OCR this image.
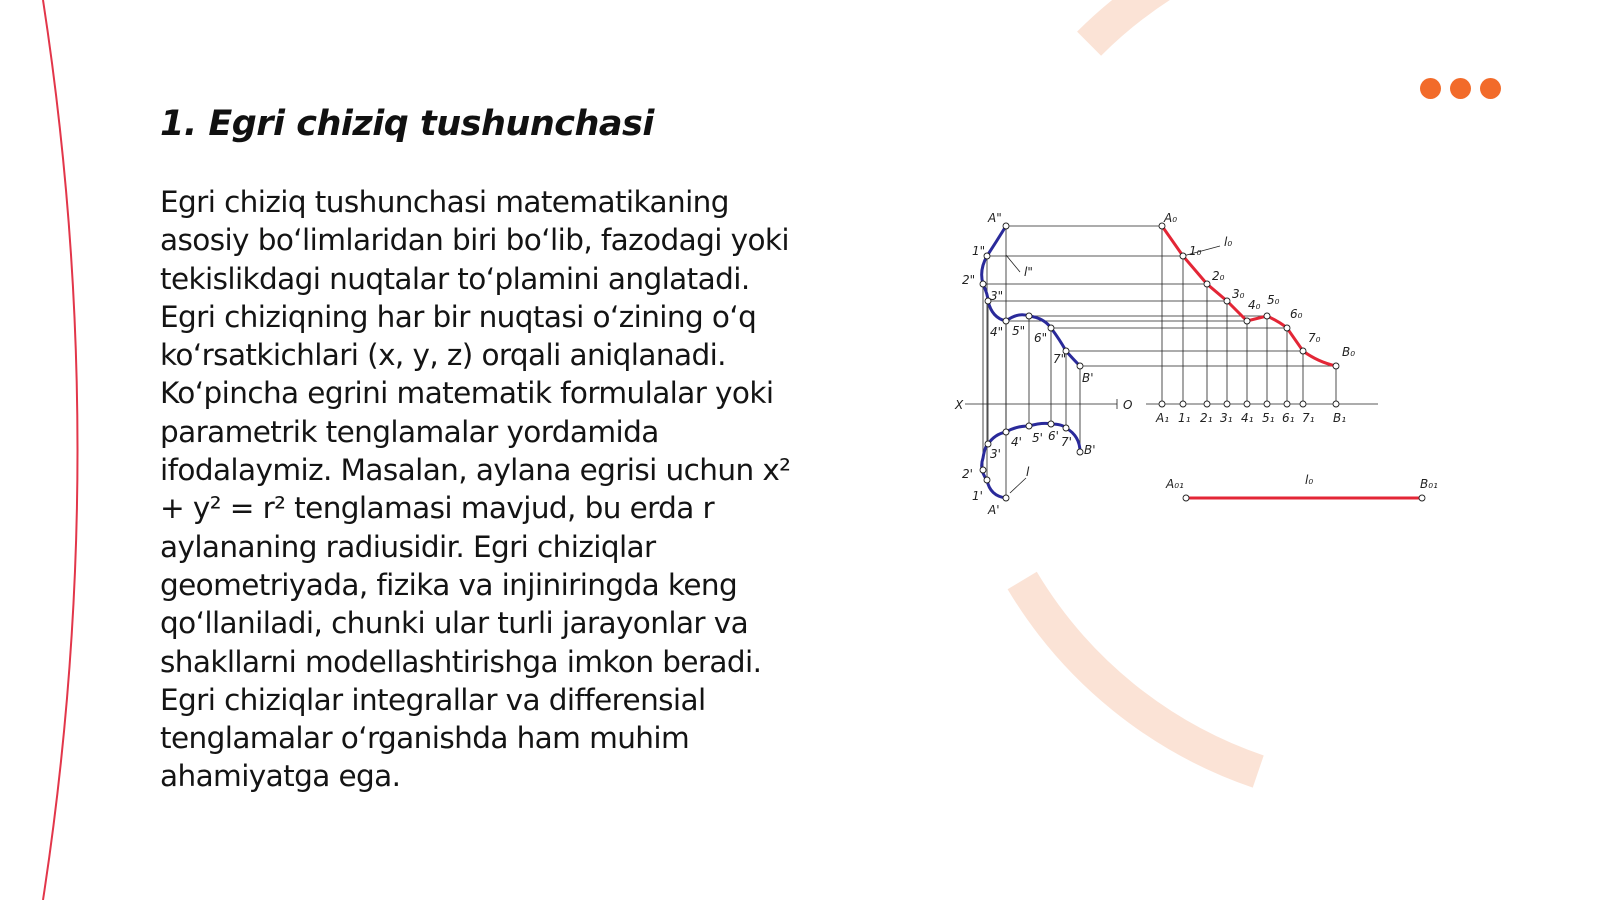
1. Egri chiziq tushunchasi
Egri chiziq tushunchasi matematikaning
asosiy bo‘limlaridan biri bo‘lib, fazodagi yoki
tekislikdagi nuqtalar to‘plamini anglatadi.
Egri chiziqning har bir nuqtasi o‘zining o‘q
ko‘rsatkichlari (x, y, z) orqali aniqlanadi.
Ko‘pincha egrini matematik formulalar yoki
parametrik tenglamalar yordamida
ifodalaymiz. Masalan, aylana egrisi uchun x²
+ y² = r² tenglamasi mavjud, bu erda r
aylananing radiusidir. Egri chiziqlar
geometriyada, fizika va injiniringda keng
qo‘llaniladi, chunki ular turli jarayonlar va
shakllarni modellashtirishga imkon beradi.
Egri chiziqlar integrallar va differensial
tenglamalar o‘rganishda ham muhim
ahamiyatga ega.
A"
1"
2"
3"
4" 5" 6"
7"
B'
l"
A₀
1₀
l₀
2₀
3₀
4₀ 5₀
6₀
7₀
B₀
X	O
A₁ 1₁ 2₁ 3₁ 4₁ 5₁ 6₁ 7₁ B₁
3'
4' 5' 6' 7'
B'
2'	l
1'
A'
A₀₁	l₀	B₀₁
